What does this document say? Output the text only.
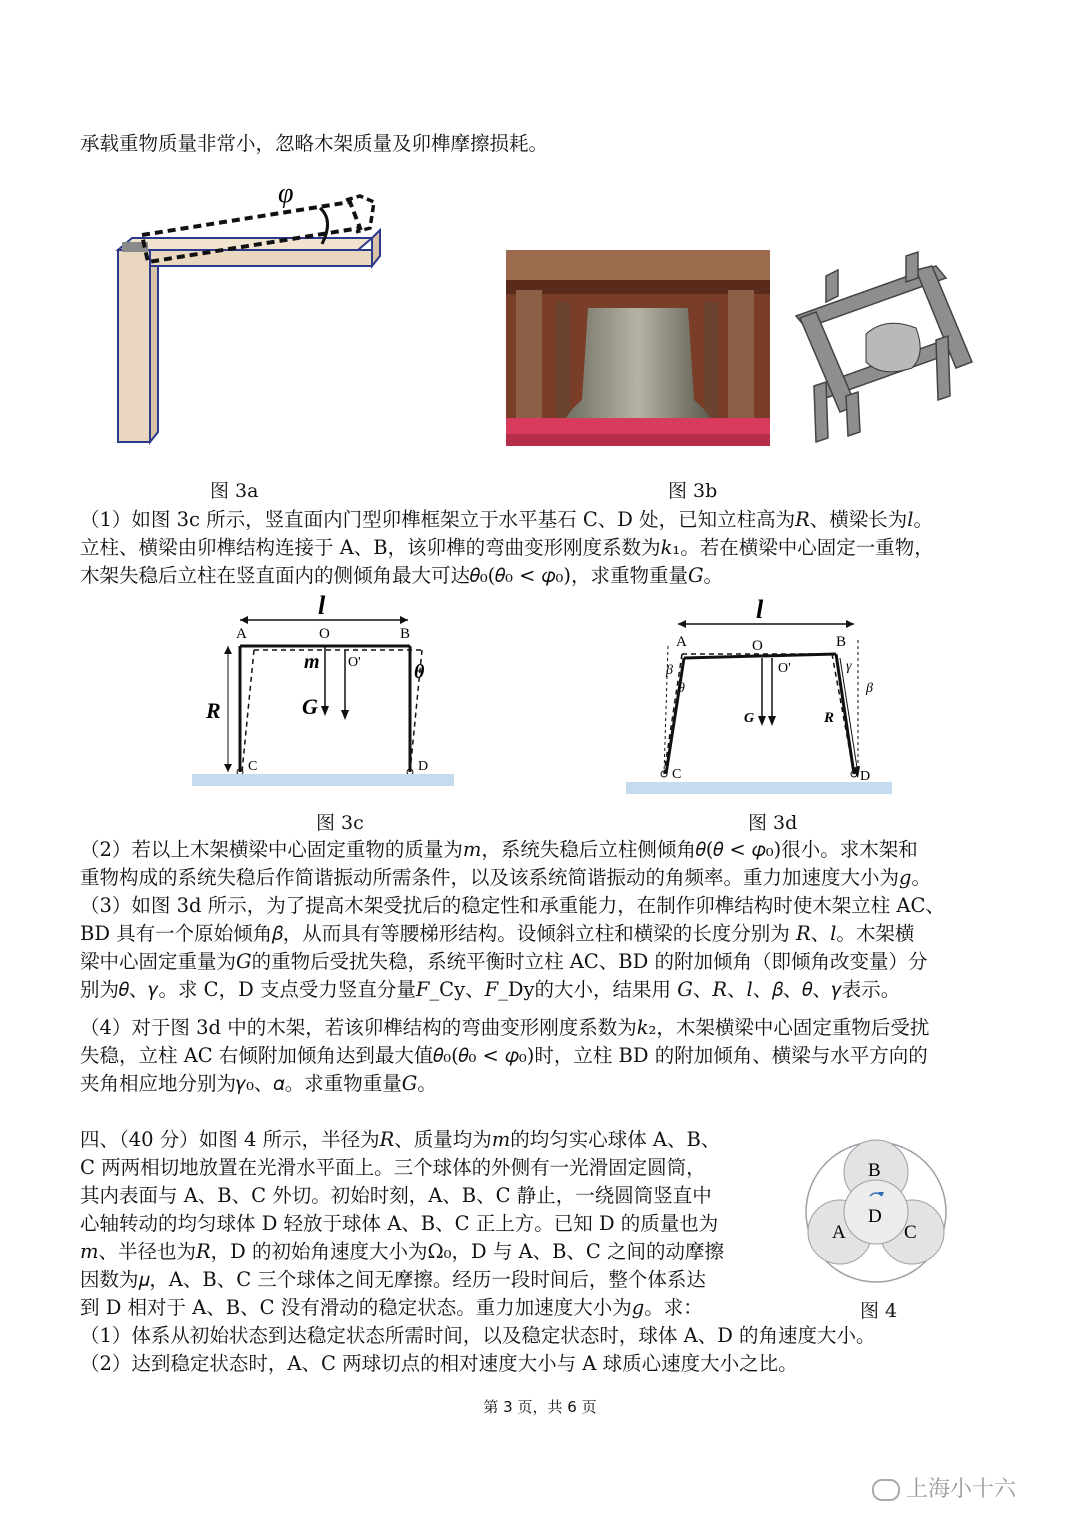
承载重物质量非常小，忽略木架质量及卯榫摩擦损耗。
φ
图 3a	图 3b
（1）如图 3c 所示，竖直面内门型卯榫框架立于水平基石 C、D 处，已知立柱高为𝑅、横梁长为𝑙。
立柱、横梁由卯榫结构连接于 A、B，该卯榫的弯曲变形刚度系数为𝑘₁。若在横梁中心固定一重物，
木架失稳后立柱在竖直面内的侧倾角最大可达𝜃₀(𝜃₀ < 𝜑₀)，求重物重量𝐺。
l
A	O	B
m O'	θ
R	G
C	D
图 3c
l
A	O	B
O'
β
θ
γ
β
G	R
C	D
图 3d
（2）若以上木架横梁中心固定重物的质量为𝑚，系统失稳后立柱侧倾角𝜃(𝜃 < 𝜑₀)很小。求木架和
重物构成的系统失稳后作简谐振动所需条件，以及该系统简谐振动的角频率。重力加速度大小为𝑔。
（3）如图 3d 所示，为了提高木架受扰后的稳定性和承重能力，在制作卯榫结构时使木架立柱 AC、
BD 具有一个原始倾角𝛽，从而具有等腰梯形结构。设倾斜立柱和横梁的长度分别为 𝑅、𝑙。木架横
梁中心固定重量为𝐺的重物后受扰失稳，系统平衡时立柱 AC、BD 的附加倾角（即倾角改变量）分
别为𝜃、𝛾。求 C，D 支点受力竖直分量𝐹_Cy、𝐹_Dy的大小，结果用 𝐺、𝑅、𝑙、𝛽、𝜃、𝛾表示。
（4）对于图 3d 中的木架，若该卯榫结构的弯曲变形刚度系数为𝑘₂，木架横梁中心固定重物后受扰
失稳，立柱 AC 右倾附加倾角达到最大值𝜃₀(𝜃₀ < 𝜑₀)时，立柱 BD 的附加倾角、横梁与水平方向的
夹角相应地分别为𝛾₀、𝛼。求重物重量𝐺。
四、（40 分）如图 4 所示，半径为𝑅、质量均为𝑚的均匀实心球体 A、B、
C 两两相切地放置在光滑水平面上。三个球体的外侧有一光滑固定圆筒，
其内表面与 A、B、C 外切。初始时刻，A、B、C 静止，一绕圆筒竖直中
心轴转动的均匀球体 D 轻放于球体 A、B、C 正上方。已知 D 的质量也为
𝑚、半径也为𝑅，D 的初始角速度大小为Ω₀，D 与 A、B、C 之间的动摩擦
因数为𝜇，A、B、C 三个球体之间无摩擦。经历一段时间后，整个体系达
到 D 相对于 A、B、C 没有滑动的稳定状态。重力加速度大小为𝑔。求：
（1）体系从初始状态到达稳定状态所需时间，以及稳定状态时，球体 A、D 的角速度大小。
（2）达到稳定状态时，A、C 两球切点的相对速度大小与 A 球质心速度大小之比。
B
D
A	C
图 4
第 3 页，共 6 页
上海小十六
